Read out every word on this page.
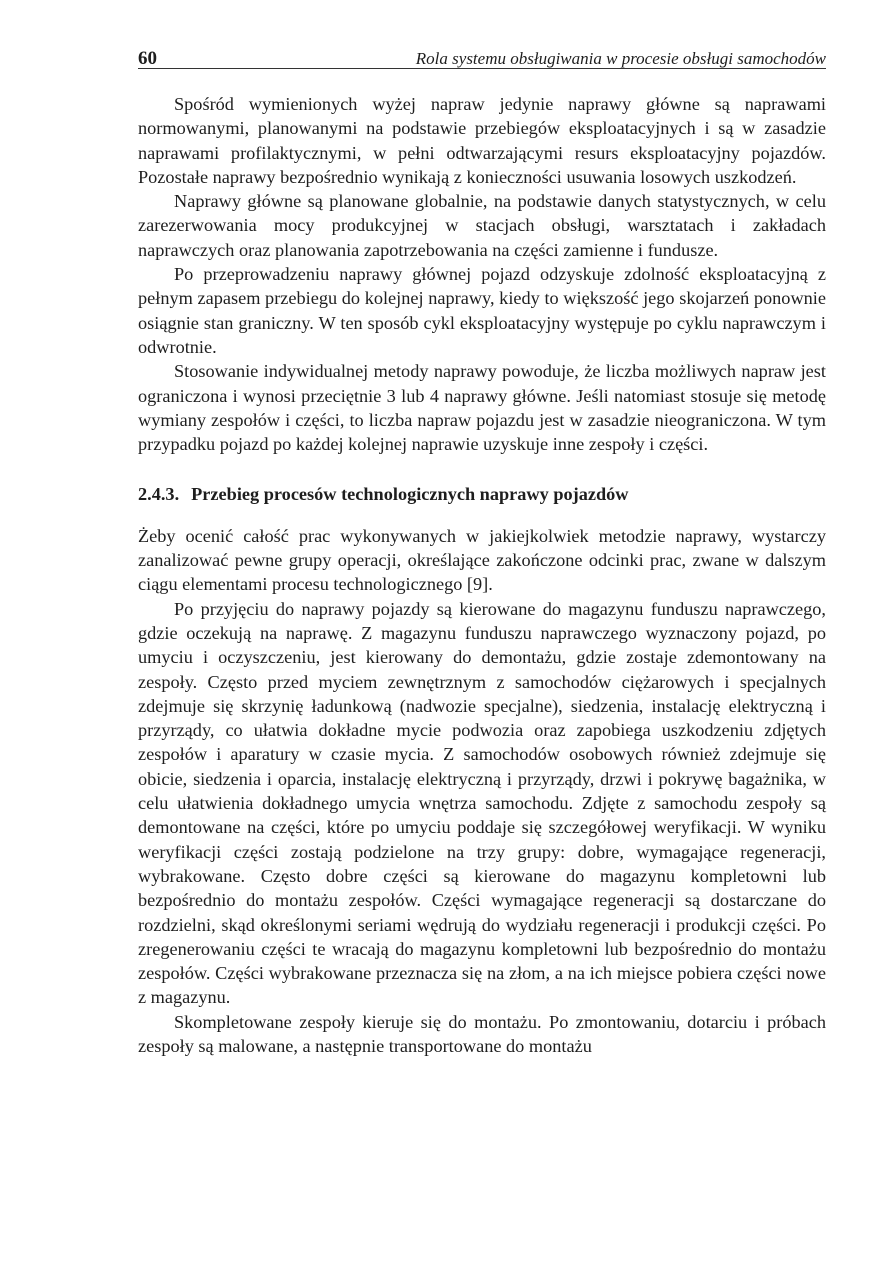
60	Rola systemu obsługiwania w procesie obsługi samochodów

Spośród wymienionych wyżej napraw jedynie naprawy główne są naprawami normowanymi, planowanymi na podstawie przebiegów eksploatacyjnych i są w zasadzie naprawami profilaktycznymi, w pełni odtwarzającymi resurs eksploatacyjny pojazdów. Pozostałe naprawy bezpośrednio wynikają z konieczności usuwania losowych uszkodzeń.

Naprawy główne są planowane globalnie, na podstawie danych statystycznych, w celu zarezerwowania mocy produkcyjnej w stacjach obsługi, warsztatach i zakładach naprawczych oraz planowania zapotrzebowania na części zamienne i fundusze.

Po przeprowadzeniu naprawy głównej pojazd odzyskuje zdolność eksploatacyjną z pełnym zapasem przebiegu do kolejnej naprawy, kiedy to większość jego skojarzeń ponownie osiągnie stan graniczny. W ten sposób cykl eksploatacyjny występuje po cyklu naprawczym i odwrotnie.

Stosowanie indywidualnej metody naprawy powoduje, że liczba możliwych napraw jest ograniczona i wynosi przeciętnie 3 lub 4 naprawy główne. Jeśli natomiast stosuje się metodę wymiany zespołów i części, to liczba napraw pojazdu jest w zasadzie nieograniczona. W tym przypadku pojazd po każdej kolejnej naprawie uzyskuje inne zespoły i części.

2.4.3. Przebieg procesów technologicznych naprawy pojazdów

Żeby ocenić całość prac wykonywanych w jakiejkolwiek metodzie naprawy, wystarczy zanalizować pewne grupy operacji, określające zakończone odcinki prac, zwane w dalszym ciągu elementami procesu technologicznego [9].

Po przyjęciu do naprawy pojazdy są kierowane do magazynu funduszu naprawczego, gdzie oczekują na naprawę. Z magazynu funduszu naprawczego wyznaczony pojazd, po umyciu i oczyszczeniu, jest kierowany do demontażu, gdzie zostaje zdemontowany na zespoły. Często przed myciem zewnętrznym z samochodów ciężarowych i specjalnych zdejmuje się skrzynię ładunkową (nadwozie specjalne), siedzenia, instalację elektryczną i przyrządy, co ułatwia dokładne mycie podwozia oraz zapobiega uszkodzeniu zdjętych zespołów i aparatury w czasie mycia. Z samochodów osobowych również zdejmuje się obicie, siedzenia i oparcia, instalację elektryczną i przyrządy, drzwi i pokrywę bagażnika, w celu ułatwienia dokładnego umycia wnętrza samochodu. Zdjęte z samochodu zespoły są demontowane na części, które po umyciu poddaje się szczegółowej weryfikacji. W wyniku weryfikacji części zostają podzielone na trzy grupy: dobre, wymagające regeneracji, wybrakowane. Często dobre części są kierowane do magazynu kompletowni lub bezpośrednio do montażu zespołów. Części wymagające regeneracji są dostarczane do rozdzielni, skąd określonymi seriami wędrują do wydziału regeneracji i produkcji części. Po zregenerowaniu części te wracają do magazynu kompletowni lub bezpośrednio do montażu zespołów. Części wybrakowane przeznacza się na złom, a na ich miejsce pobiera części nowe z magazynu.

Skompletowane zespoły kieruje się do montażu. Po zmontowaniu, dotarciu i próbach zespoły są malowane, a następnie transportowane do montażu
